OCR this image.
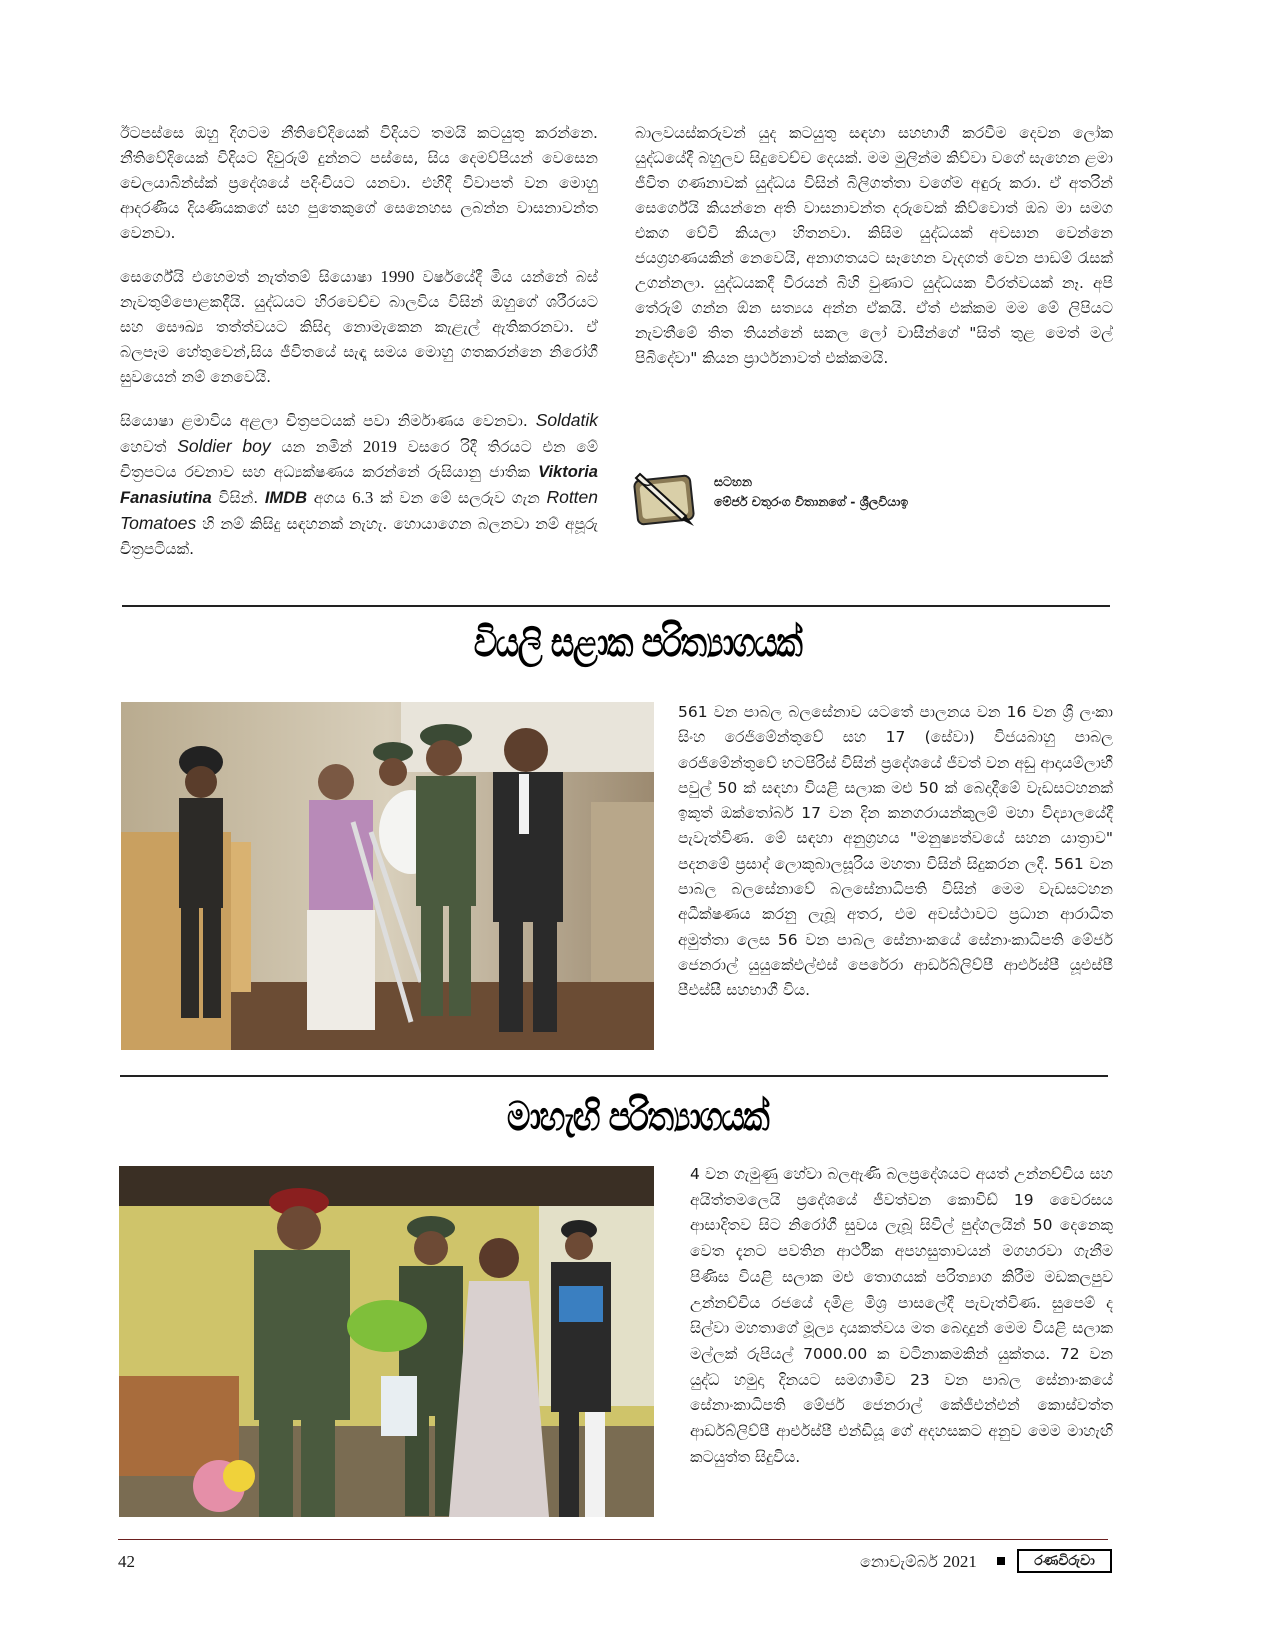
ඊටපස්සෙ ඔහු දිගටම නීතිවේදියෙක් විදියට තමයි කටයුතු කරන්නෙ. නීතිවේදියෙක් විදියට දිවුරුම් දුන්නට පස්සෙ, සිය දෙමව්පියන් වෙසෙන චෙලයාබින්ස්ක් ප්‍රදේශයේ පදිංචියට යනවා. එහිදී විවාපත් වන මොහු ආදරණීය දියණියකගේ සහ පුතෙකුගේ සෙනෙහස ලබන්න වාසනාවන්ත වෙනවා.

සෙර්ගේයි එහෙමත් නැත්තම් සියොෂා 1990 වර්ෂයේදී මිය යන්නේ බස් නැවතුම්පොළකදීයි. යුද්ධයට හිරවෙච්ච බාලවිය විසින් ඔහුගේ ශරීරයට සහ සෞඛ්‍ය තත්ත්වයට කිසිදා නොමැකෙන කැළැල් ඇතිකරනවා. ඒ බලපෑම හේතුවෙන්,සිය ජීවිතයේ සැඳෑ සමය මොහු ගතකරන්නෙ නිරෝගී සුවයෙන් නම් නෙවෙයි.

සියොෂා ළමාවිය අළලා චිත්‍රපටයක් පවා නිර්මාණය වෙනවා. Soldatik හෙවත් Soldier boy යන නමින් 2019 වසරෙ රිදී තිරයට එන මේ චිත්‍රපටය රචනාව සහ අධ්‍යක්ෂණය කරන්නේ රුසියානු ජාතික Viktoria Fanasiutina විසින්. IMDB අගය 6.3 ක් වන මේ සලරුව ගැන Rotten Tomatoes හි නම් කිසිදු සඳහනක් නැහැ. හොයාගෙන බලනවා නම් අපූරු චිත්‍රපටියක්.

බාලවයස්කරුවන් යුද කටයුතු සඳහා සහභාගී කරවීම දෙවන ලෝක යුද්ධයේදී බහුලව සිදුවෙච්ච දෙයක්. මම මුලින්ම කිව්වා වගේ සැහෙන ළමා ජීවිත ගණනාවක් යුද්ධය විසින් බිලිගත්තා වගේම අඳුරු කරා. ඒ අතරින් සෙර්ගේයි කියන්නෙ අති වාසනාවන්ත දරුවෙක් කිව්වොත් ඔබ මා සමග එකග වේවි කියලා හිතනවා. කිසිම යුද්ධයක් අවසාන වෙන්නෙ ජයග්‍රහණයකින් නෙවෙයි, අනාගතයට සෑහෙන වැදගත් වෙන පාඩම් රැසක් උගන්නලා. යුද්ධයකදී වීරයන් බිහි වුණාට යුද්ධයක වීරත්වයක් නෑ. අපි තේරුම් ගන්න ඕන සත්‍යය අන්න ඒකයි. ඒත් එක්කම මම මේ ලිපියට නැවතීමේ තිත තියන්නේ සකල ලෝ වාසීන්ගේ "සිත් තුළ මෙත් මල් පිබිදේවා" කියන ප්‍රාර්ථනාවත් එක්කමයි.

සටහන
මේජර් චතුරංග විතානගේ - ශ්‍රීලවියාඉ
වියලි සළාක පරිත්‍යාගයක්

561 වන පාබල බලසේනාව යටතේ පාලනය වන 16 වන ශ්‍රී ලංකා සිංහ රෙජිමේන්තුවේ සහ 17 (සේවා) විජයබාහු පාබල රෙජිමේන්තුවේ භටපිරිස් විසින් ප්‍රදේශයේ ජීවත් වන අඩු ආදායම්ලාභී පවුල් 50 ක් සඳහා වියළි සලාක මළු 50 ක් බෙදාදීමේ වැඩසටහනක් ඉකුත් ඔක්තෝබර් 17 වන දින කනගරායන්කුලම් මහා විද්‍යාලයේදී පැවැත්විණ. මේ සඳහා අනුග්‍රහය "මනුෂ්‍යත්වයේ සහන යාත්‍රාව" පදනමේ ප්‍රසාද් ලොකුබාලසූරිය මහතා විසින් සිදුකරන ලදී. 561 වන පාබල බලසේනාවේ බලසේනාධිපති විසින් මෙම වැඩසටහන අධීක්ෂණය කරනු ලැබූ අතර, එම අවස්ථාවට ප්‍රධාන ආරාධිත අමුත්තා ලෙස 56 වන පාබල සේනාංකයේ සේනාංකාධිපති මේජර් ජෙනරාල් යුයුකේඑල්එස් පෙරේරා ආර්ඩබ්ලිව්පී ආර්එස්පී යූඑස්පී පීඑස්සී සහභාගී විය.

මාහැඟි පරිත්‍යාගයක්

4 වන ගැමුණු හේවා බලඇණි බලප්‍රදේශයට අයත් උන්නච්චිය සහ අයිත්තමලෙයි ප්‍රදේශයේ ජීවත්වන කොවිඩ් 19 වෛරසය ආසාදිතව සිට නිරෝගී සුවය ලැබූ සිවිල් පුද්ගලයින් 50 දෙනෙකු වෙත දැනට පවතින ආර්ථික අපහසුතාවයන් මගහරවා ගැනීම පිණිස වියළි සලාක මළු තොගයක් පරිත්‍යාග කිරීම මඩකලපුව උන්නච්චිය රජයේ දමිළ මිශ්‍ර පාසලේදී පැවැත්විණ. සුපෙම් ද සිල්වා මහතාගේ මූල්‍ය දායකත්වය මත බෙදාදුන් මෙම වියළි සලාක මල්ලක් රුපියල් 7000.00 ක වටිනාකමකින් යුක්තය. 72 වන යුද්ධ හමුදා දිනයට සමගාමීව 23 වන පාබල සේනාංකයේ සේනාංකාධිපති මේජර් ජෙනරාල් කේජීඑන්එන් කොස්වත්ත ආර්ඩබ්ලිව්පී ආර්එස්පී එන්ඩියූ ගේ අදහසකට අනුව මෙම මාහැඟි කටයුත්ත සිදුවිය.

42	නොවැම්බර් 2021	රණවිරුවා
